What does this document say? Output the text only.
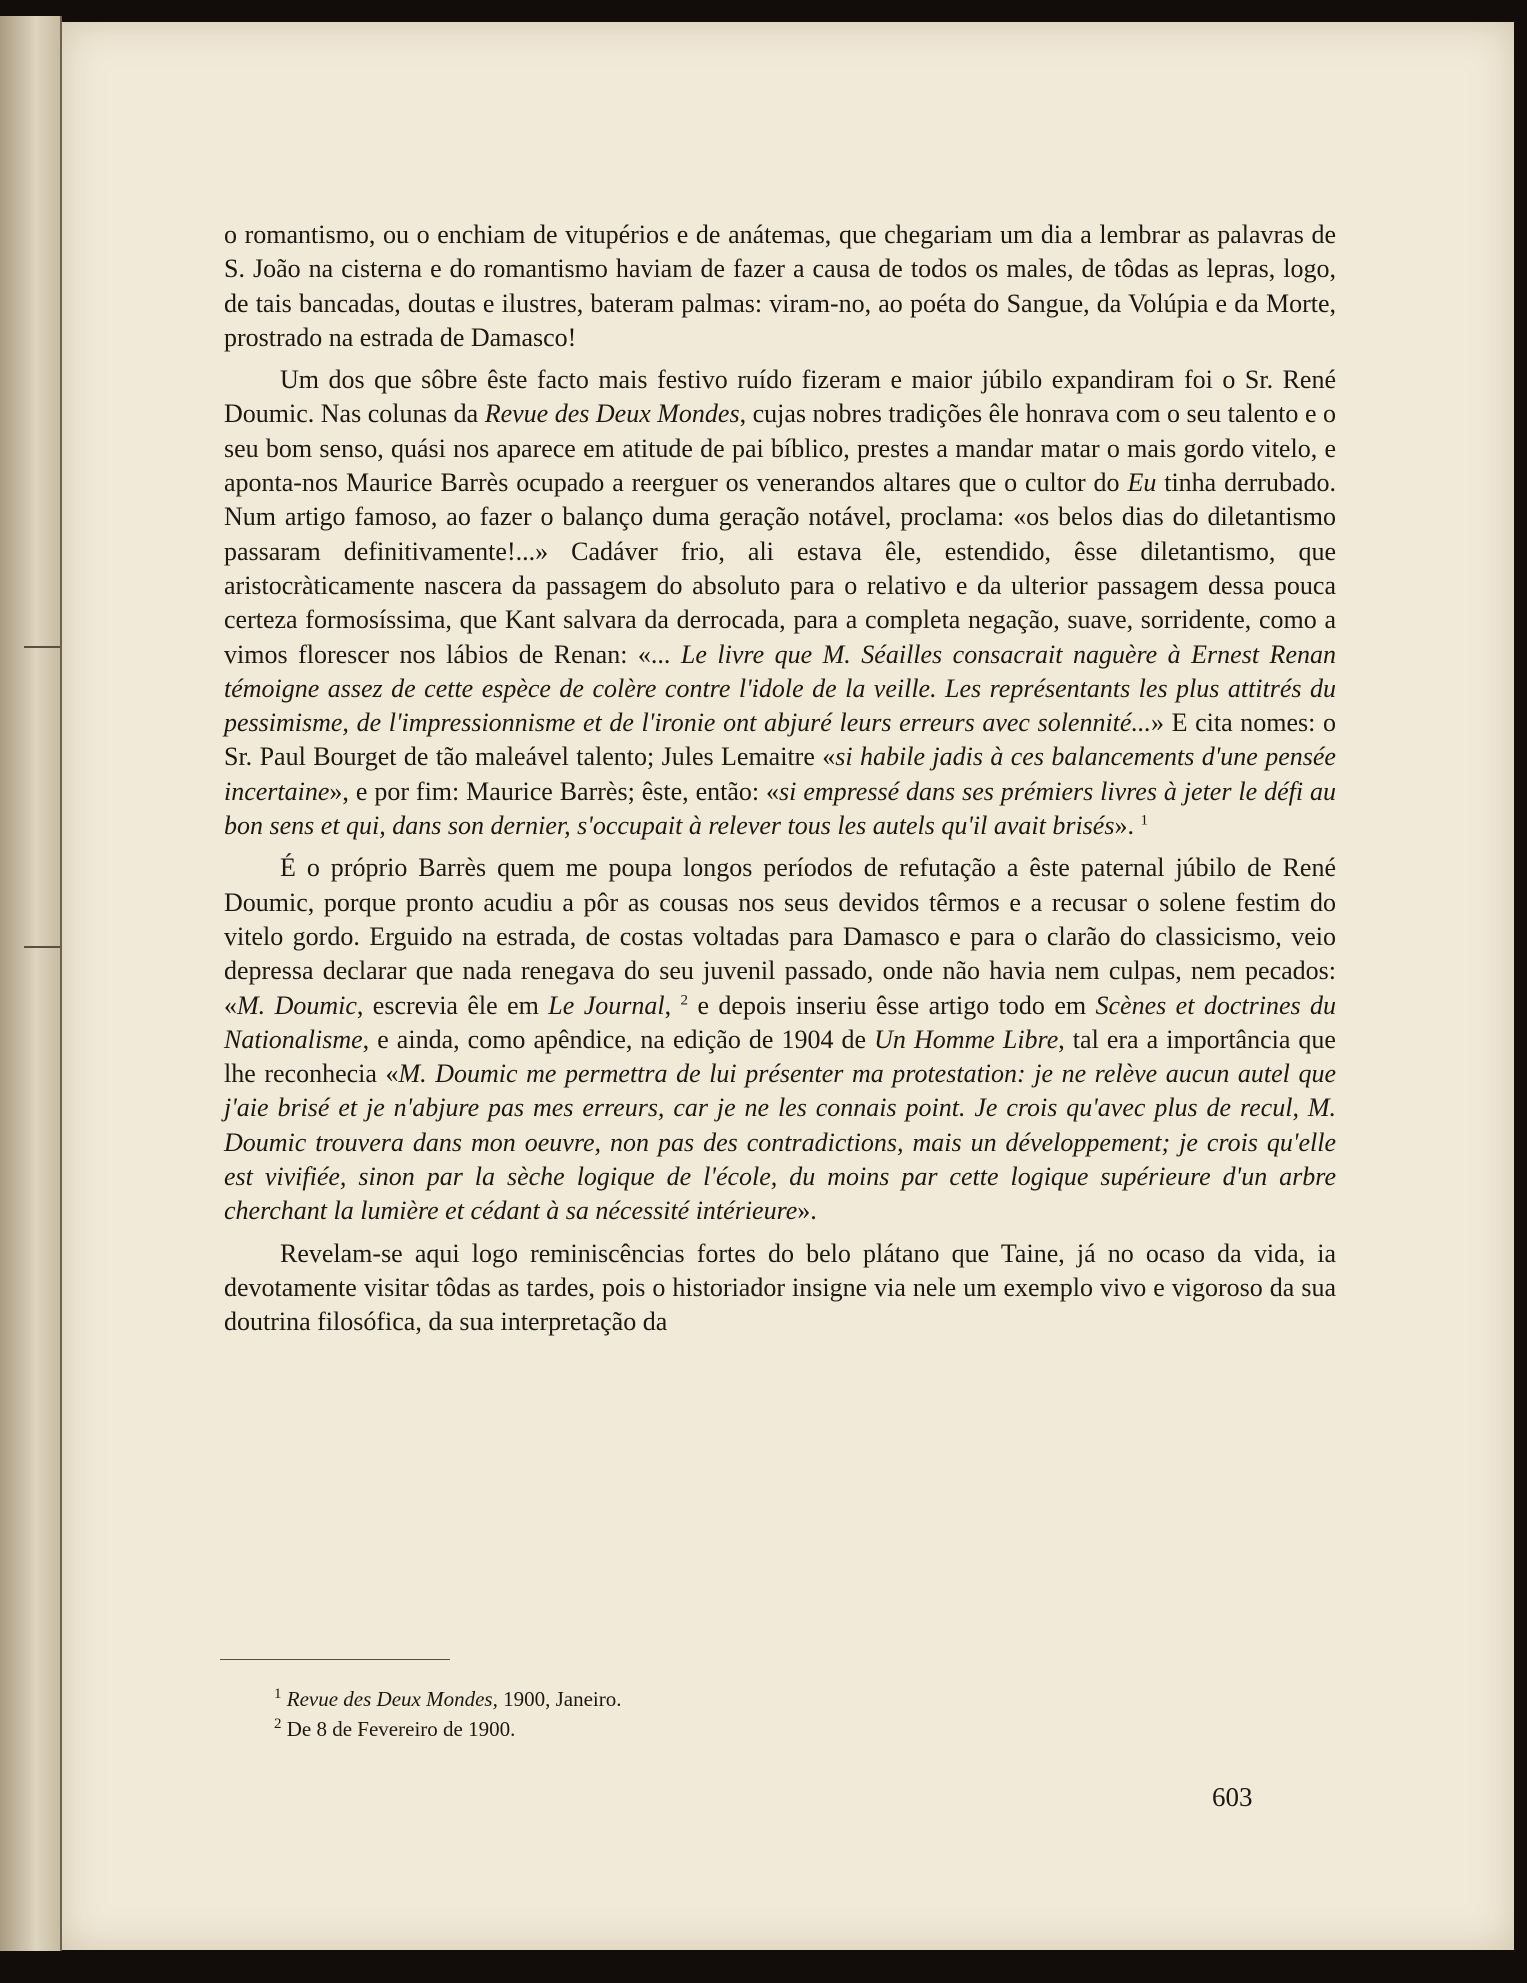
o romantismo, ou o enchiam de vitupérios e de anátemas, que chegariam um dia a lembrar as palavras de S. João na cisterna e do romantismo haviam de fazer a causa de todos os males, de tôdas as lepras, logo, de tais bancadas, doutas e ilustres, bateram palmas: viram-no, ao poéta do Sangue, da Volúpia e da Morte, prostrado na estrada de Damasco!

Um dos que sôbre êste facto mais festivo ruído fizeram e maior júbilo expandiram foi o Sr. René Doumic. Nas colunas da Revue des Deux Mondes, cujas nobres tradições êle honrava com o seu talento e o seu bom senso, quási nos aparece em atitude de pai bíblico, prestes a mandar matar o mais gordo vitelo, e aponta-nos Maurice Barrès ocupado a reerguer os venerandos altares que o cultor do Eu tinha derrubado. Num artigo famoso, ao fazer o balanço duma geração notável, proclama: «os belos dias do diletantismo passaram definitivamente!...» Cadáver frio, ali estava êle, estendido, êsse diletantismo, que aristocràticamente nascera da passagem do absoluto para o relativo e da ulterior passagem dessa pouca certeza formosíssima, que Kant salvara da derrocada, para a completa negação, suave, sorridente, como a vimos florescer nos lábios de Renan: «... Le livre que M. Séailles consacrait naguère à Ernest Renan témoigne assez de cette espèce de colère contre l'idole de la veille. Les représentants les plus attitrés du pessimisme, de l'impressionnisme et de l'ironie ont abjuré leurs erreurs avec solennité...» E cita nomes: o Sr. Paul Bourget de tão maleável talento; Jules Lemaitre «si habile jadis à ces balancements d'une pensée incertaine», e por fim: Maurice Barrès; êste, então: «si empressé dans ses prémiers livres à jeter le défi au bon sens et qui, dans son dernier, s'occupait à relever tous les autels qu'il avait brisés». $^1$

É o próprio Barrès quem me poupa longos períodos de refutação a êste paternal júbilo de René Doumic, porque pronto acudiu a pôr as cousas nos seus devidos têrmos e a recusar o solene festim do vitelo gordo. Erguido na estrada, de costas voltadas para Damasco e para o clarão do classicismo, veio depressa declarar que nada renegava do seu juvenil passado, onde não havia nem culpas, nem pecados: «M. Doumic, escrevia êle em Le Journal, $^2$ e depois inseriu êsse artigo todo em Scènes et doctrines du Nationalisme, e ainda, como apêndice, na edição de 1904 de Un Homme Libre, tal era a importância que lhe reconhecia «M. Doumic me permettra de lui présenter ma protestation: je ne relève aucun autel que j'aie brisé et je n'abjure pas mes erreurs, car je ne les connais point. Je crois qu'avec plus de recul, M. Doumic trouvera dans mon oeuvre, non pas des contradictions, mais un développement; je crois qu'elle est vivifiée, sinon par la sèche logique de l'école, du moins par cette logique supérieure d'un arbre cherchant la lumière et cédant à sa nécessité intérieure».

Revelam-se aqui logo reminiscências fortes do belo plátano que Taine, já no ocaso da vida, ia devotamente visitar tôdas as tardes, pois o historiador insigne via nele um exemplo vivo e vigoroso da sua doutrina filosófica, da sua interpretação da

$^1$ Revue des Deux Mondes, 1900, Janeiro.

$^2$ De 8 de Fevereiro de 1900.

603
